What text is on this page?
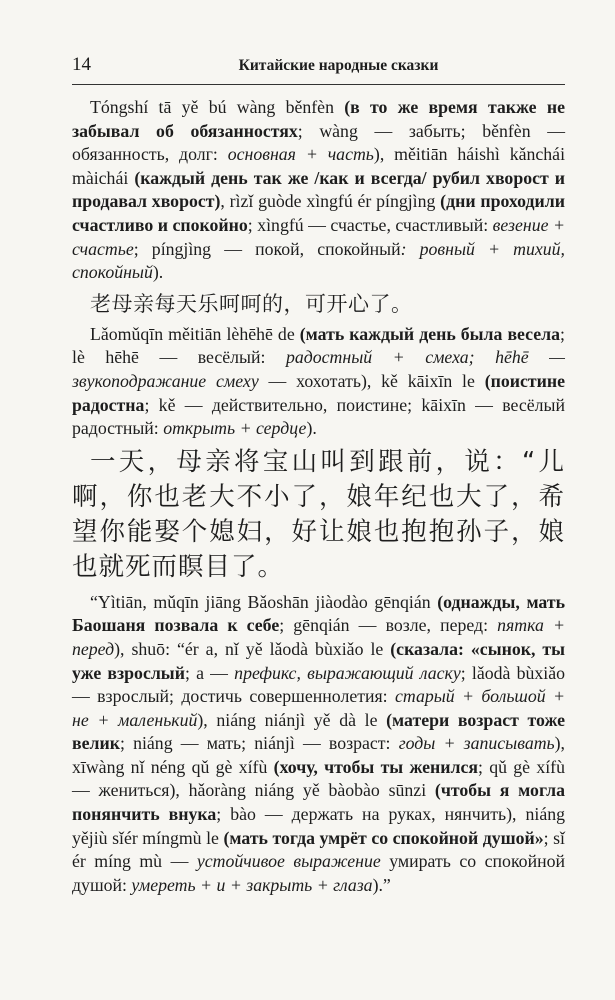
14	Китайские народные сказки

Tóngshí tā yě bú wàng běnfèn (в то же время также не забывал об обязанностях; wàng — забыть; běnfèn — обязанность, долг: основная + часть), měitiān háishì kǎnchái màichái (каждый день так же /как и всегда/ рубил хворост и продавал хворост), rìzǐ guòde xìngfú ér píngjìng (дни проходили счастливо и спокойно; xìngfú — счастье, счастливый: везение + счастье; píngjìng — покой, спокойный: ровный + тихий, спокойный).

老母亲每天乐呵呵的，可开心了。

Lǎomǔqīn měitiān lèhēhē de (мать каждый день была весела; lè hēhē — весёлый: радостный + смеха; hēhē — звукоподражание смеху — хохотать), kě kāixīn le (поистине радостна; kě — действительно, поистине; kāixīn — весёлый радостный: открыть + сердце).

一天，母亲将宝山叫到跟前，说：“儿啊，你也老大不小了，娘年纪也大了，希望你能娶个媳妇，好让娘也抱抱孙子，娘也就死而瞑目了。

“Yìtiān, mǔqīn jiāng Bǎoshān jiàodào gēnqián (однажды, мать Баошаня позвала к себе; gēnqián — возле, перед: пятка + перед), shuō: “ér a, nǐ yě lǎodà bùxiǎo le (сказала: «сынок, ты уже взрослый; a — префикс, выражающий ласку; lǎodà bùxiǎo — взрослый; достичь совершеннолетия: старый + большой + не + маленький), niáng niánjì yě dà le (матери возраст тоже велик; niáng — мать; niánjì — возраст: годы + записывать), xīwàng nǐ néng qǔ gè xífù (хочу, чтобы ты женился; qǔ gè xífù — жениться), hǎoràng niáng yě bàobào sūnzi (чтобы я могла понянчить внука; bào — держать на руках, нянчить), niáng yějiù sǐér míngmù le (мать тогда умрёт со спокойной душой»; sǐ ér míng mù — устойчивое выражение умирать со спокойной душой: умереть + и + закрыть + глаза).”
